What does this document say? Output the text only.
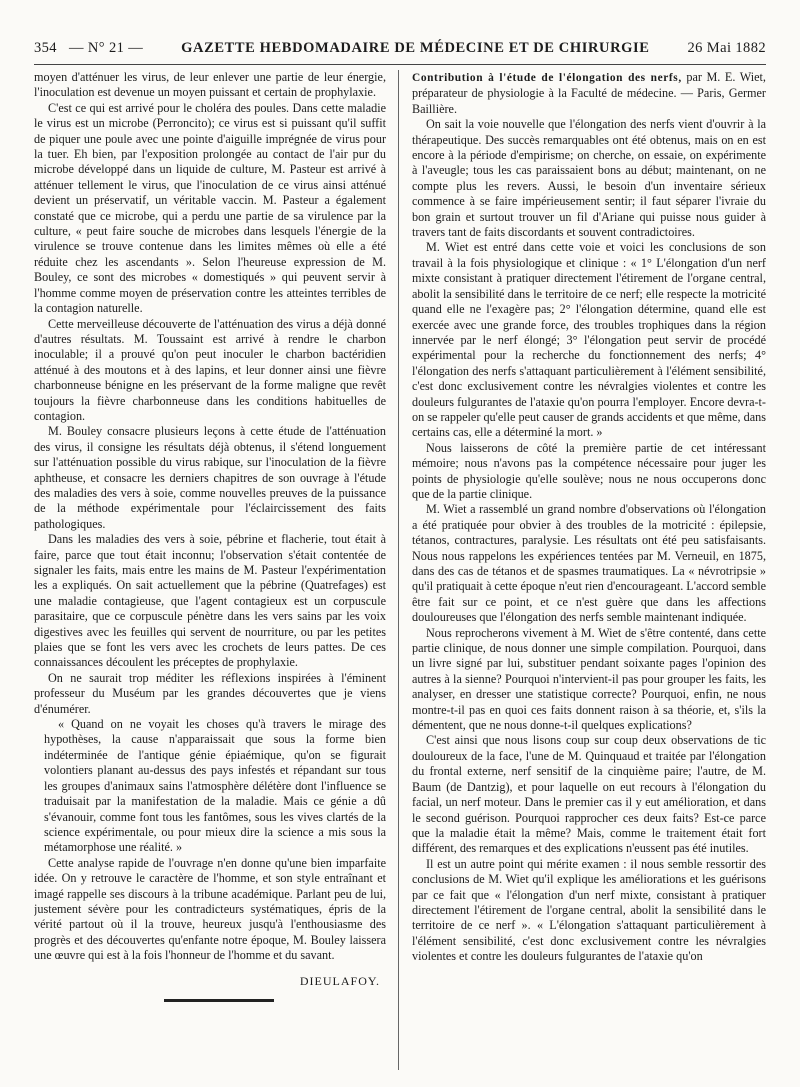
354 — N° 21 —	GAZETTE HEBDOMADAIRE DE MÉDECINE ET DE CHIRURGIE	26 Mai 1882

moyen d'atténuer les virus, de leur enlever une partie de leur énergie, l'inoculation est devenue un moyen puissant et certain de prophylaxie.

C'est ce qui est arrivé pour le choléra des poules. Dans cette maladie le virus est un microbe (Perroncito); ce virus est si puissant qu'il suffit de piquer une poule avec une pointe d'aiguille imprégnée de virus pour la tuer. Eh bien, par l'exposition prolongée au contact de l'air pur du microbe développé dans un liquide de culture, M. Pasteur est arrivé à atténuer tellement le virus, que l'inoculation de ce virus ainsi atténué devient un préservatif, un véritable vaccin. M. Pasteur a également constaté que ce microbe, qui a perdu une partie de sa virulence par la culture, « peut faire souche de microbes dans lesquels l'énergie de la virulence se trouve contenue dans les limites mêmes où elle a été réduite chez les ascendants ». Selon l'heureuse expression de M. Bouley, ce sont des microbes « domestiqués » qui peuvent servir à l'homme comme moyen de préservation contre les atteintes terribles de la contagion naturelle.

Cette merveilleuse découverte de l'atténuation des virus a déjà donné d'autres résultats. M. Toussaint est arrivé à rendre le charbon inoculable; il a prouvé qu'on peut inoculer le charbon bactéridien atténué à des moutons et à des lapins, et leur donner ainsi une fièvre charbonneuse bénigne en les préservant de la forme maligne que revêt toujours la fièvre charbonneuse dans les conditions habituelles de contagion.

M. Bouley consacre plusieurs leçons à cette étude de l'atténuation des virus, il consigne les résultats déjà obtenus, il s'étend longuement sur l'atténuation possible du virus rabique, sur l'inoculation de la fièvre aphtheuse, et consacre les derniers chapitres de son ouvrage à l'étude des maladies des vers à soie, comme nouvelles preuves de la puissance de la méthode expérimentale pour l'éclaircissement des faits pathologiques.

Dans les maladies des vers à soie, pébrine et flacherie, tout était à faire, parce que tout était inconnu; l'observation s'était contentée de signaler les faits, mais entre les mains de M. Pasteur l'expérimentation les a expliqués. On sait actuellement que la pébrine (Quatrefages) est une maladie contagieuse, que l'agent contagieux est un corpuscule parasitaire, que ce corpuscule pénètre dans les vers sains par les voix digestives avec les feuilles qui servent de nourriture, ou par les petites plaies que se font les vers avec les crochets de leurs pattes. De ces connaissances découlent les préceptes de prophylaxie.

On ne saurait trop méditer les réflexions inspirées à l'éminent professeur du Muséum par les grandes découvertes que je viens d'énumérer.

« Quand on ne voyait les choses qu'à travers le mirage des hypothèses, la cause n'apparaissait que sous la forme bien indéterminée de l'antique génie épiaémique, qu'on se figurait volontiers planant au-dessus des pays infestés et répandant sur tous les groupes d'animaux sains l'atmosphère délétère dont l'influence se traduisait par la manifestation de la maladie. Mais ce génie a dû s'évanouir, comme font tous les fantômes, sous les vives clartés de la science expérimentale, ou pour mieux dire la science a mis sous la métamorphose une réalité. »

Cette analyse rapide de l'ouvrage n'en donne qu'une bien imparfaite idée. On y retrouve le caractère de l'homme, et son style entraînant et imagé rappelle ses discours à la tribune académique. Parlant peu de lui, justement sévère pour les contradicteurs systématiques, épris de la vérité partout où il la trouve, heureux jusqu'à l'enthousiasme des progrès et des découvertes qu'enfante notre époque, M. Bouley laissera une œuvre qui est à la fois l'honneur de l'homme et du savant.

DIEULAFOY.

Contribution à l'étude de l'élongation des nerfs, par M. E. Wiet, préparateur de physiologie à la Faculté de médecine. — Paris, Germer Baillière.

On sait la voie nouvelle que l'élongation des nerfs vient d'ouvrir à la thérapeutique. Des succès remarquables ont été obtenus, mais on en est encore à la période d'empirisme; on cherche, on essaie, on expérimente à l'aveugle; tous les cas paraissaient bons au début; maintenant, on ne compte plus les revers. Aussi, le besoin d'un inventaire sérieux commence à se faire impérieusement sentir; il faut séparer l'ivraie du bon grain et surtout trouver un fil d'Ariane qui puisse nous guider à travers tant de faits discordants et souvent contradictoires.

M. Wiet est entré dans cette voie et voici les conclusions de son travail à la fois physiologique et clinique : « 1° L'élongation d'un nerf mixte consistant à pratiquer directement l'étirement de l'organe central, abolit la sensibilité dans le territoire de ce nerf; elle respecte la motricité quand elle ne l'exagère pas; 2° l'élongation détermine, quand elle est exercée avec une grande force, des troubles trophiques dans la région innervée par le nerf élongé; 3° l'élongation peut servir de procédé expérimental pour la recherche du fonctionnement des nerfs; 4° l'élongation des nerfs s'attaquant particulièrement à l'élément sensibilité, c'est donc exclusivement contre les névralgies violentes et contre les douleurs fulgurantes de l'ataxie qu'on pourra l'employer. Encore devra-t-on se rappeler qu'elle peut causer de grands accidents et que même, dans certains cas, elle a déterminé la mort. »

Nous laisserons de côté la première partie de cet intéressant mémoire; nous n'avons pas la compétence nécessaire pour juger les points de physiologie qu'elle soulève; nous ne nous occuperons donc que de la partie clinique.

M. Wiet a rassemblé un grand nombre d'observations où l'élongation a été pratiquée pour obvier à des troubles de la motricité : épilepsie, tétanos, contractures, paralysie. Les résultats ont été peu satisfaisants. Nous nous rappelons les expériences tentées par M. Verneuil, en 1875, dans des cas de tétanos et de spasmes traumatiques. La « névrotripsie » qu'il pratiquait à cette époque n'eut rien d'encourageant. L'accord semble être fait sur ce point, et ce n'est guère que dans les affections douloureuses que l'élongation des nerfs semble maintenant indiquée.

Nous reprocherons vivement à M. Wiet de s'être contenté, dans cette partie clinique, de nous donner une simple compilation. Pourquoi, dans un livre signé par lui, substituer pendant soixante pages l'opinion des autres à la sienne? Pourquoi n'intervient-il pas pour grouper les faits, les analyser, en dresser une statistique correcte? Pourquoi, enfin, ne nous montre-t-il pas en quoi ces faits donnent raison à sa théorie, et, s'ils la démentent, que ne nous donne-t-il quelques explications?

C'est ainsi que nous lisons coup sur coup deux observations de tic douloureux de la face, l'une de M. Quinquaud et traitée par l'élongation du frontal externe, nerf sensitif de la cinquième paire; l'autre, de M. Baum (de Dantzig), et pour laquelle on eut recours à l'élongation du facial, un nerf moteur. Dans le premier cas il y eut amélioration, et dans le second guérison. Pourquoi rapprocher ces deux faits? Est-ce parce que la maladie était la même? Mais, comme le traitement était fort différent, des remarques et des explications n'eussent pas été inutiles.

Il est un autre point qui mérite examen : il nous semble ressortir des conclusions de M. Wiet qu'il explique les améliorations et les guérisons par ce fait que « l'élongation d'un nerf mixte, consistant à pratiquer directement l'étirement de l'organe central, abolit la sensibilité dans le territoire de ce nerf ». « L'élongation s'attaquant particulièrement à l'élément sensibilité, c'est donc exclusivement contre les névralgies violentes et contre les douleurs fulgurantes de l'ataxie qu'on
